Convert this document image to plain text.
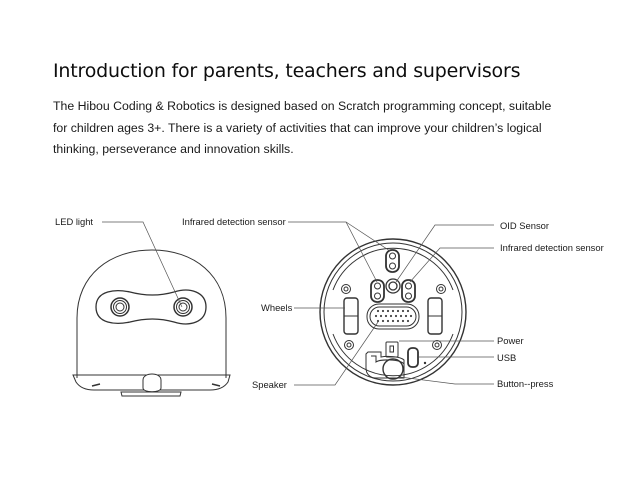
Introduction for parents, teachers and supervisors
The Hibou Coding & Robotics is designed based on Scratch programming concept, suitable
for children ages 3+. There is a variety of activities that can improve your children’s logical
thinking, perseverance and innovation skills.
LED light	Infrared detection sensor	OID Sensor
Infrared detection sensor
Wheels
Power
USB
Speaker	Button--press
